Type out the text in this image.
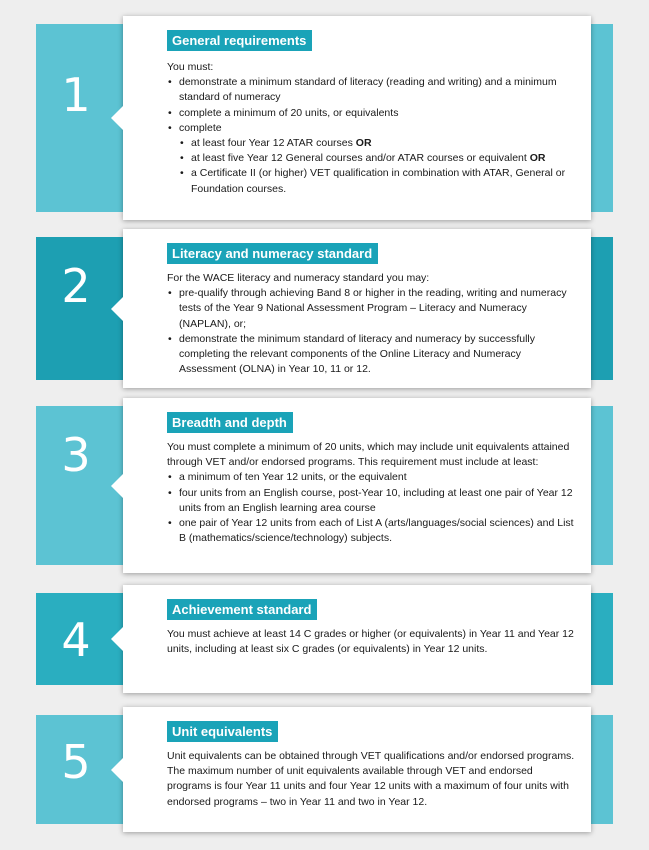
1
General requirements

You must:

• demonstrate a minimum standard of literacy (reading and writing) and a minimum standard of numeracy
• complete a minimum of 20 units, or equivalents
• complete
• at least four Year 12 ATAR courses OR
• at least five Year 12 General courses and/or ATAR courses or equivalent OR
• a Certificate II (or higher) VET qualification in combination with ATAR, General or Foundation courses.
2
Literacy and numeracy standard

For the WACE literacy and numeracy standard you may:

• pre-qualify through achieving Band 8 or higher in the reading, writing and numeracy tests of the Year 9 National Assessment Program – Literacy and Numeracy (NAPLAN), or;
• demonstrate the minimum standard of literacy and numeracy by successfully completing the relevant components of the Online Literacy and Numeracy Assessment (OLNA) in Year 10, 11 or 12.
3
Breadth and depth

You must complete a minimum of 20 units, which may include unit equivalents attained through VET and/or endorsed programs. This requirement must include at least:

• a minimum of ten Year 12 units, or the equivalent
• four units from an English course, post-Year 10, including at least one pair of Year 12 units from an English learning area course
• one pair of Year 12 units from each of List A (arts/languages/social sciences) and List B (mathematics/science/technology) subjects.
4
Achievement standard

You must achieve at least 14 C grades or higher (or equivalents) in Year 11 and Year 12 units, including at least six C grades (or equivalents) in Year 12 units.

5
Unit equivalents

Unit equivalents can be obtained through VET qualifications and/or endorsed programs. The maximum number of unit equivalents available through VET and endorsed programs is four Year 11 units and four Year 12 units with a maximum of four units with endorsed programs – two in Year 11 and two in Year 12.
